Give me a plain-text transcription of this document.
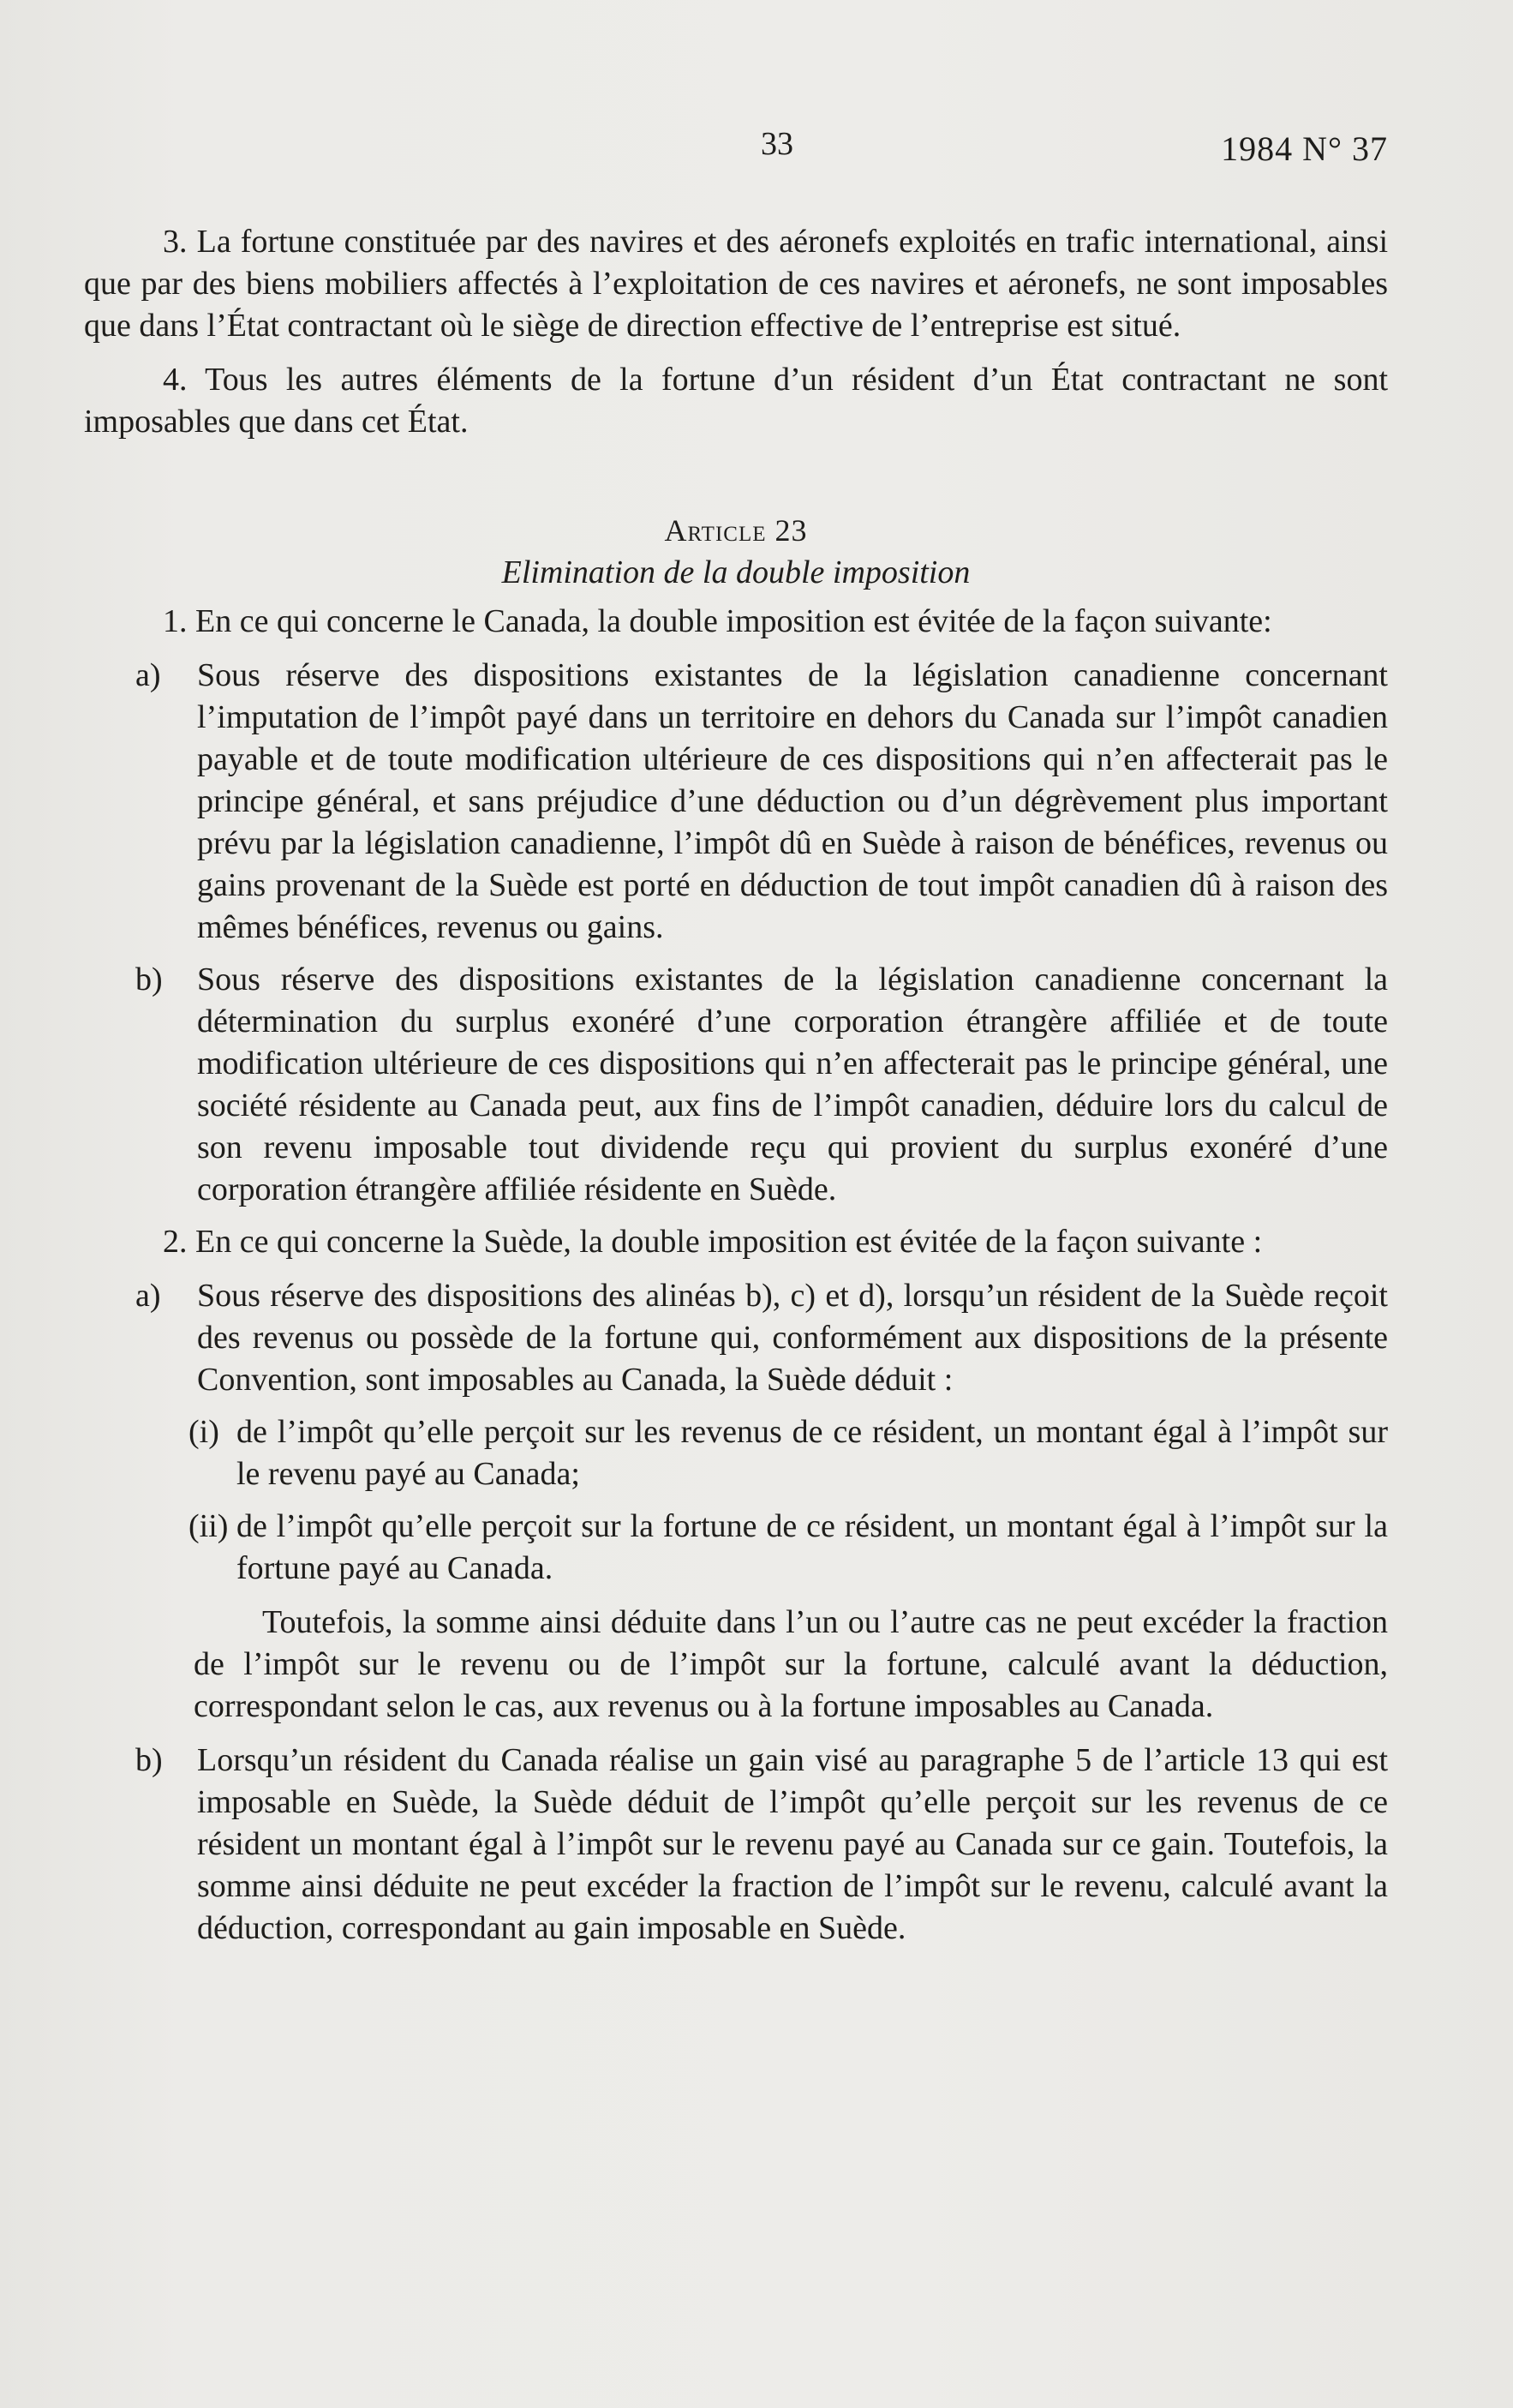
33	1984 N° 37

3. La fortune constituée par des navires et des aéronefs exploités en trafic international, ainsi que par des biens mobiliers affectés à l’exploitation de ces navires et aéronefs, ne sont imposables que dans l’État contractant où le siège de direction effective de l’entreprise est situé.

4. Tous les autres éléments de la fortune d’un résident d’un État contractant ne sont imposables que dans cet État.

Article 23
Elimination de la double imposition

1. En ce qui concerne le Canada, la double imposition est évitée de la façon suivante:

a) Sous réserve des dispositions existantes de la législation canadienne concernant l’imputation de l’impôt payé dans un territoire en dehors du Canada sur l’impôt canadien payable et de toute modification ultérieure de ces dispositions qui n’en affecterait pas le principe général, et sans préjudice d’une déduction ou d’un dégrèvement plus important prévu par la législation canadienne, l’impôt dû en Suède à raison de bénéfices, revenus ou gains provenant de la Suède est porté en déduction de tout impôt canadien dû à raison des mêmes bénéfices, revenus ou gains.
b) Sous réserve des dispositions existantes de la législation canadienne concernant la détermination du surplus exonéré d’une corporation étrangère affiliée et de toute modification ultérieure de ces dispositions qui n’en affecterait pas le principe général, une société résidente au Canada peut, aux fins de l’impôt canadien, déduire lors du calcul de son revenu imposable tout dividende reçu qui provient du surplus exonéré d’une corporation étrangère affiliée résidente en Suède.

2. En ce qui concerne la Suède, la double imposition est évitée de la façon suivante :

a) Sous réserve des dispositions des alinéas b), c) et d), lorsqu’un résident de la Suède reçoit des revenus ou possède de la fortune qui, conformément aux dispositions de la présente Convention, sont imposables au Canada, la Suède déduit :
(i) de l’impôt qu’elle perçoit sur les revenus de ce résident, un montant égal à l’impôt sur le revenu payé au Canada;
(ii) de l’impôt qu’elle perçoit sur la fortune de ce résident, un montant égal à l’impôt sur la fortune payé au Canada.

Toutefois, la somme ainsi déduite dans l’un ou l’autre cas ne peut excéder la fraction de l’impôt sur le revenu ou de l’impôt sur la fortune, calculé avant la déduction, correspondant selon le cas, aux revenus ou à la fortune imposables au Canada.

b) Lorsqu’un résident du Canada réalise un gain visé au paragraphe 5 de l’article 13 qui est imposable en Suède, la Suède déduit de l’impôt qu’elle perçoit sur les revenus de ce résident un montant égal à l’impôt sur le revenu payé au Canada sur ce gain. Toutefois, la somme ainsi déduite ne peut excéder la fraction de l’impôt sur le revenu, calculé avant la déduction, correspondant au gain imposable en Suède.
